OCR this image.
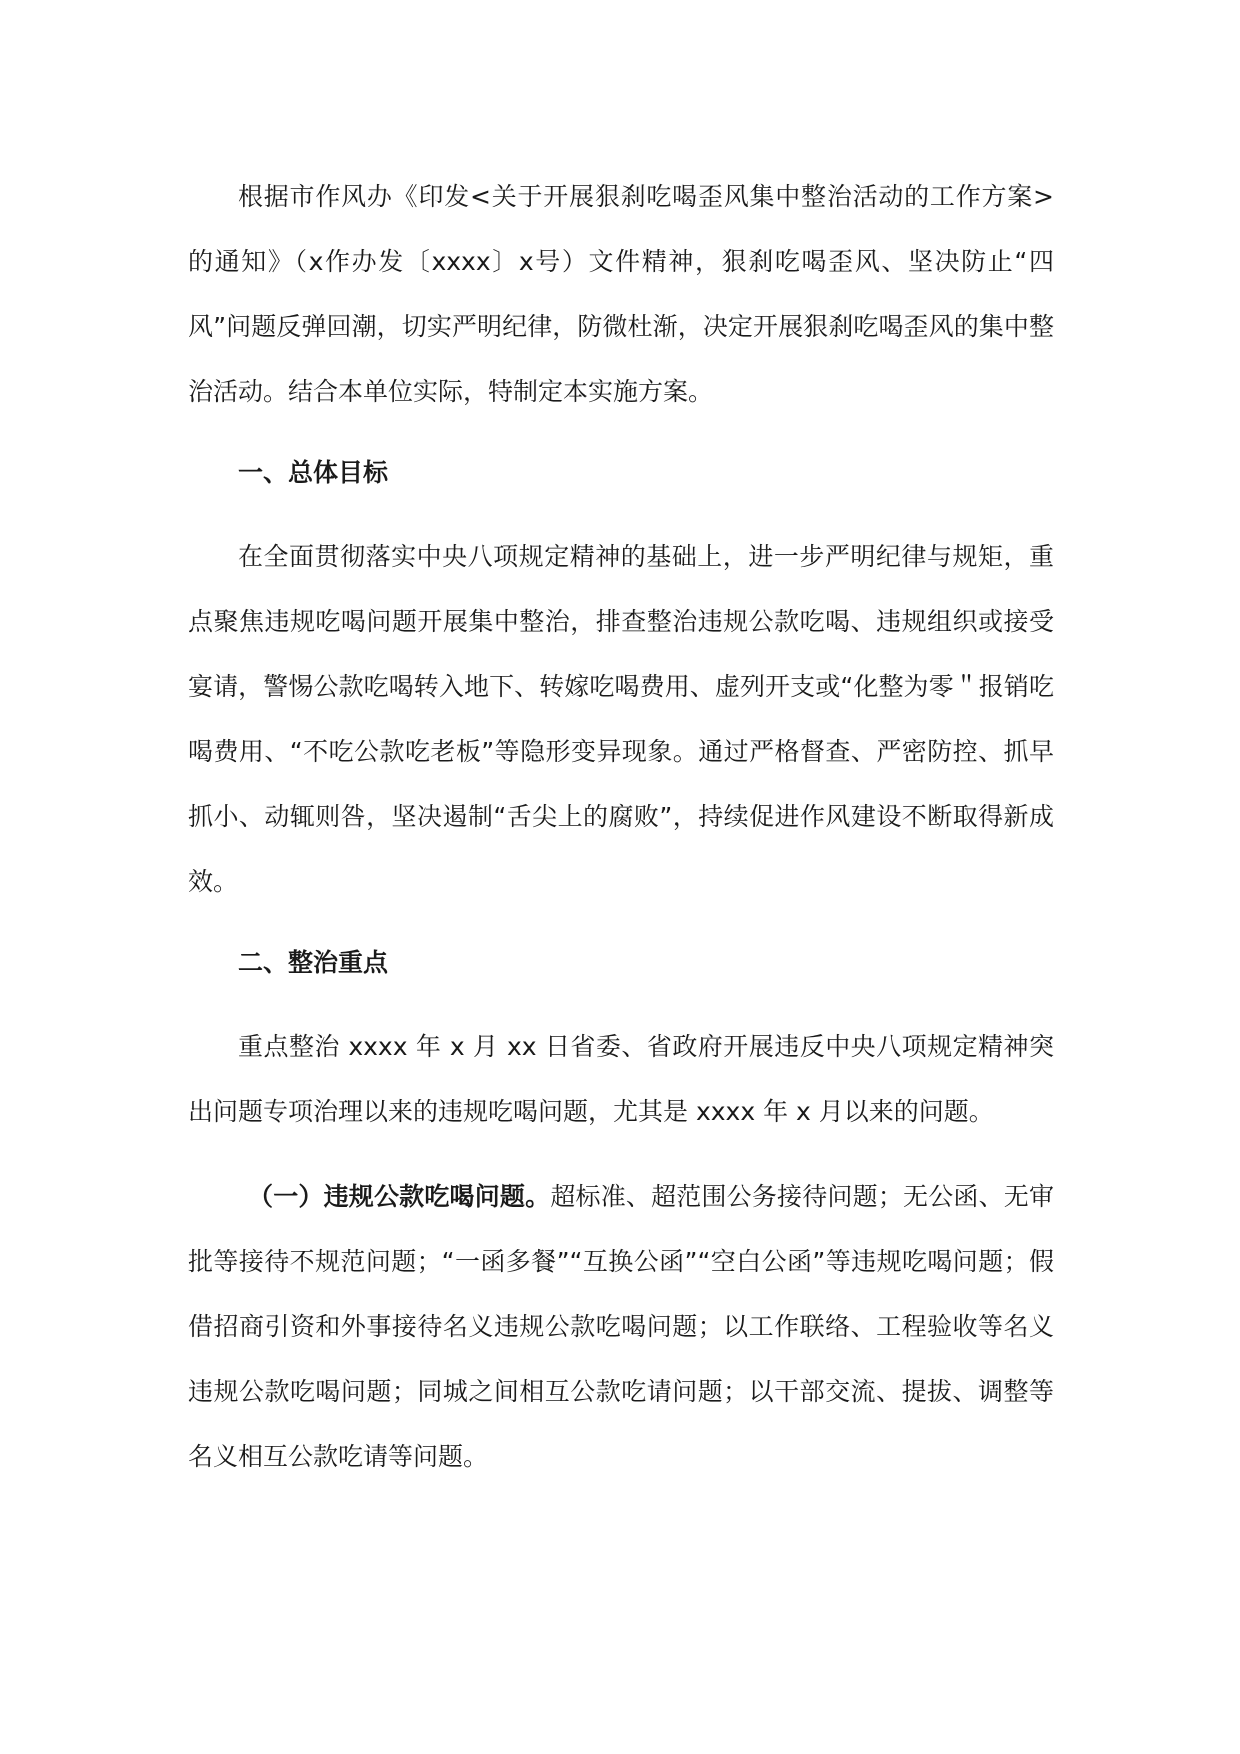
根据市作风办《印发<关于开展狠刹吃喝歪风集中整治活动的工作方案>的通知》（x作办发〔xxxx〕x号）文件精神，狠刹吃喝歪风、坚决防止“四风”问题反弹回潮，切实严明纪律，防微杜渐，决定开展狠刹吃喝歪风的集中整治活动。结合本单位实际，特制定本实施方案。

一、总体目标

在全面贯彻落实中央八项规定精神的基础上，进一步严明纪律与规矩，重点聚焦违规吃喝问题开展集中整治，排查整治违规公款吃喝、违规组织或接受宴请，警惕公款吃喝转入地下、转嫁吃喝费用、虚列开支或“化整为零＂报销吃喝费用、“不吃公款吃老板”等隐形变异现象。通过严格督查、严密防控、抓早抓小、动辄则咎，坚决遏制“舌尖上的腐败”，持续促进作风建设不断取得新成效。

二、整治重点

重点整治 xxxx 年 x 月 xx 日省委、省政府开展违反中央八项规定精神突出问题专项治理以来的违规吃喝问题，尤其是 xxxx 年 x 月以来的问题。

（一）违规公款吃喝问题。超标准、超范围公务接待问题；无公函、无审批等接待不规范问题；“一函多餐”“互换公函”“空白公函”等违规吃喝问题；假借招商引资和外事接待名义违规公款吃喝问题；以工作联络、工程验收等名义违规公款吃喝问题；同城之间相互公款吃请问题；以干部交流、提拔、调整等名义相互公款吃请等问题。
